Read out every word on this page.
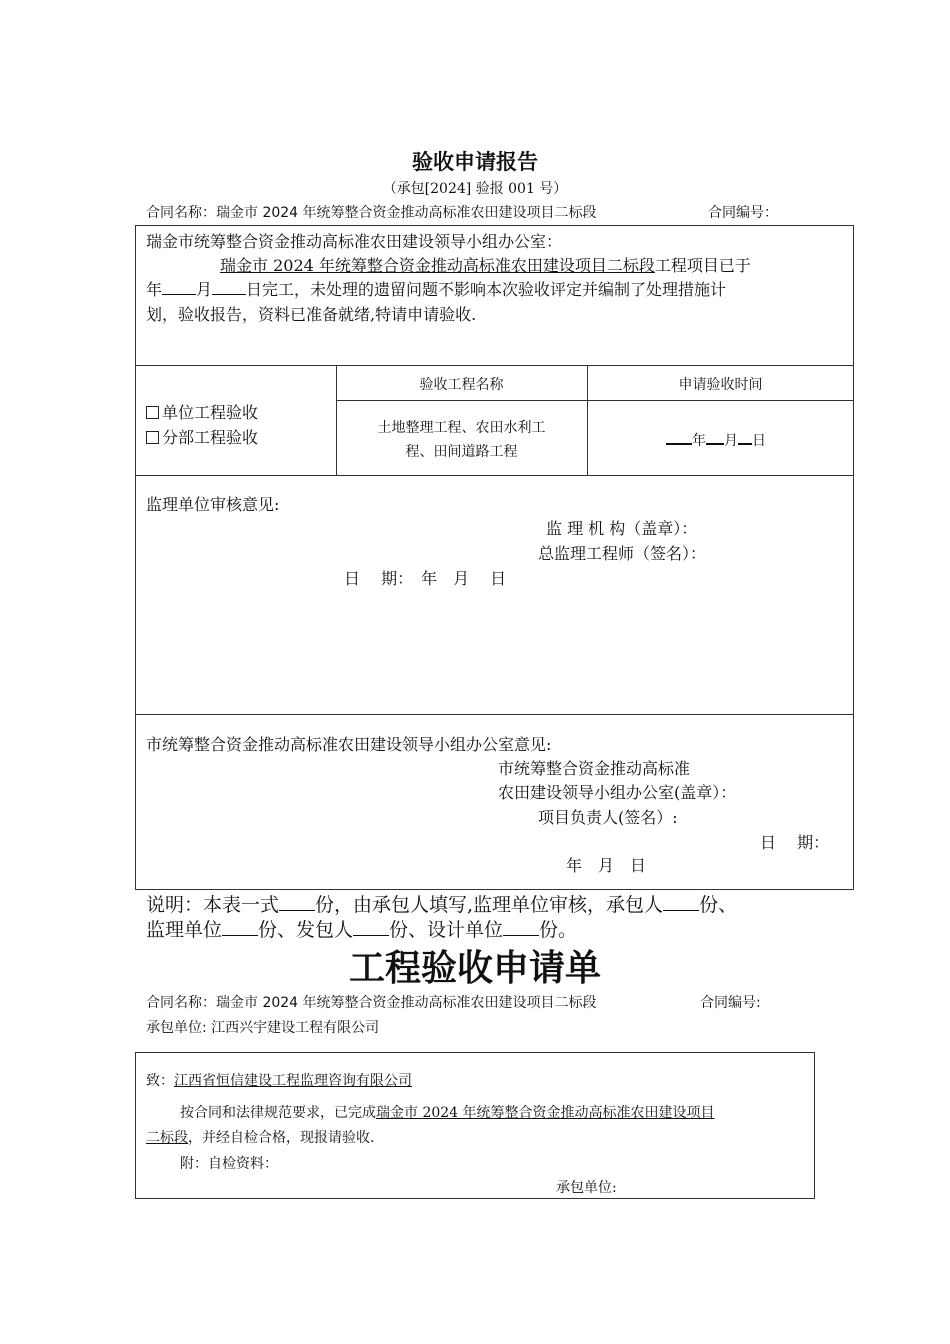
验收申请报告
（承包[2024] 验报 001 号）
合同名称：瑞金市 2024 年统筹整合资金推动高标准农田建设项目二标段	合同编号：
瑞金市统筹整合资金推动高标准农田建设领导小组办公室：
瑞金市 2024 年统筹整合资金推动高标准农田建设项目二标段工程项目已于
年 月 日完工，未处理的遗留问题不影响本次验收评定并编制了处理措施计
划，验收报告，资料已准备就绪,特请申请验收.
单位工程验收
分部工程验收
验收工程名称	申请验收时间
土地整理工程、农田水利工
程、田间道路工程
年 月 日
监理单位审核意见:
监 理 机 构（盖章）：
总监理工程师（签名）：
日　 期：　年　月　 日
市统筹整合资金推动高标准农田建设领导小组办公室意见:
市统筹整合资金推动高标准
农田建设领导小组办公室(盖章）：
项目负责人(签名）:
日　 期：
年　月　日
说明：本表一式 份，由承包人填写,监理单位审核，承包人 份、
监理单位 份、发包人 份、设计单位 份。
工程验收申请单
合同名称：瑞金市 2024 年统筹整合资金推动高标准农田建设项目二标段	合同编号:
承包单位: 江西兴宇建设工程有限公司
致：江西省恒信建设工程监理咨询有限公司
按合同和法律规范要求，已完成瑞金市 2024 年统筹整合资金推动高标准农田建设项目
二标段，并经自检合格，现报请验收.
附：自检资料：
承包单位:
